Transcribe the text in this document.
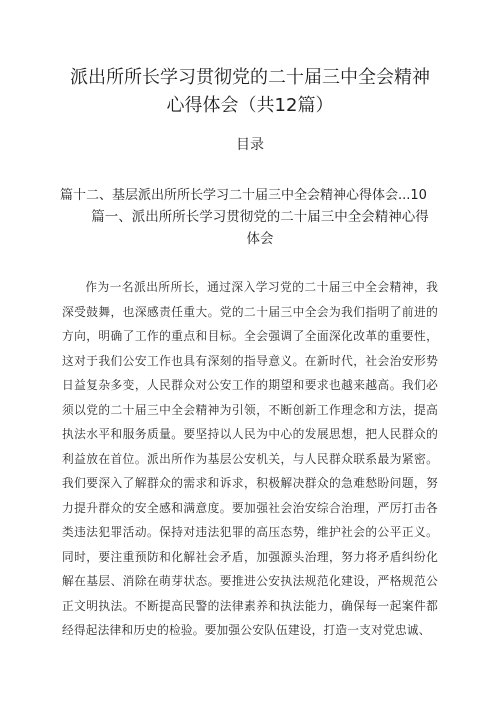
派出所所长学习贯彻党的二十届三中全会精神
心得体会（共12篇）
目录
篇十二、基层派出所所长学习二十届三中全会精神心得体会...10
篇一、派出所所长学习贯彻党的二十届三中全会精神心得
体会

作为一名派出所所长，通过深入学习党的二十届三中全会精神，我深受鼓舞，也深感责任重大。党的二十届三中全会为我们指明了前进的方向，明确了工作的重点和目标。全会强调了全面深化改革的重要性，这对于我们公安工作也具有深刻的指导意义。在新时代，社会治安形势日益复杂多变，人民群众对公安工作的期望和要求也越来越高。我们必须以党的二十届三中全会精神为引领，不断创新工作理念和方法，提高执法水平和服务质量。要坚持以人民为中心的发展思想，把人民群众的利益放在首位。派出所作为基层公安机关，与人民群众联系最为紧密。我们要深入了解群众的需求和诉求，积极解决群众的急难愁盼问题，努力提升群众的安全感和满意度。要加强社会治安综合治理，严厉打击各类违法犯罪活动。保持对违法犯罪的高压态势，维护社会的公平正义。同时，要注重预防和化解社会矛盾，加强源头治理，努力将矛盾纠纷化解在基层、消除在萌芽状态。要推进公安执法规范化建设，严格规范公正文明执法。不断提高民警的法律素养和执法能力，确保每一起案件都经得起法律和历史的检验。要加强公安队伍建设，打造一支对党忠诚、
